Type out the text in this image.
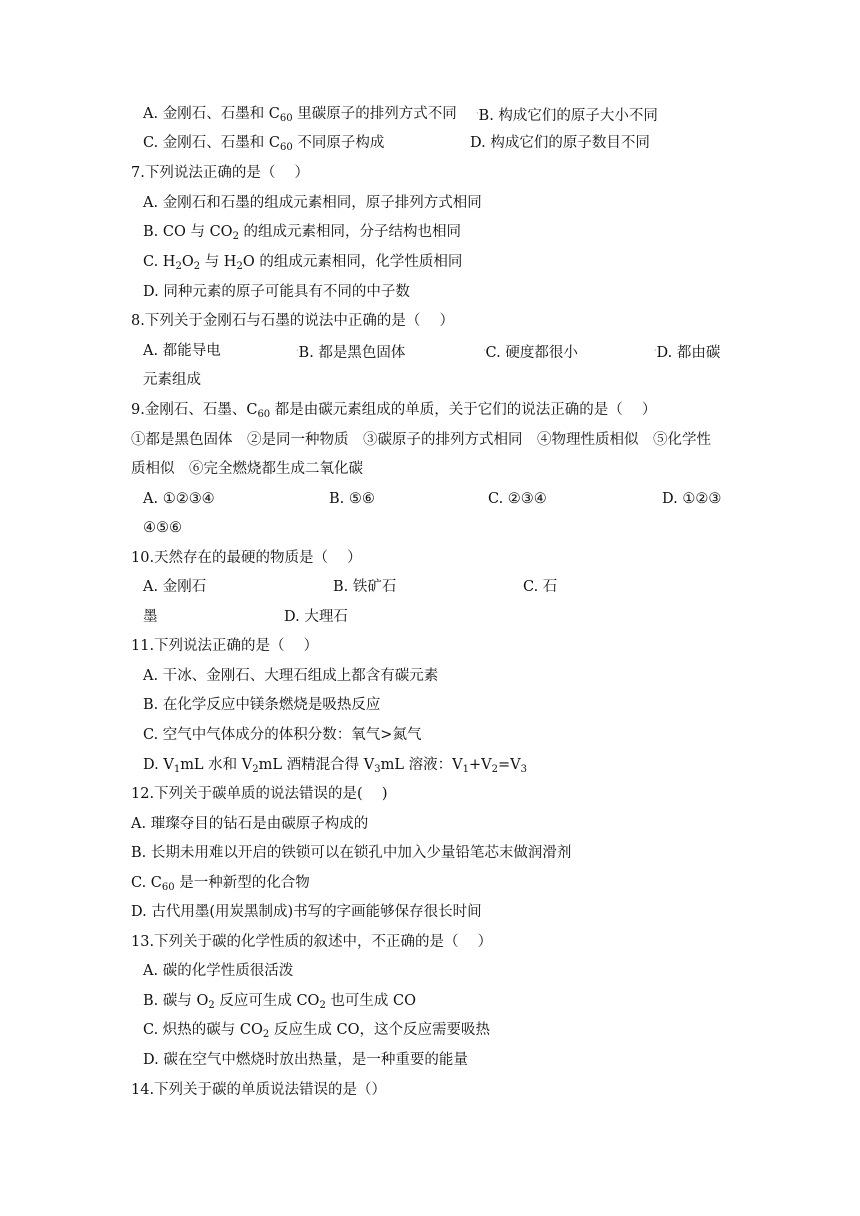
A. 金刚石、石墨和 $C_{60}$ 里碳原子的排列方式不同 ·B. 构成它们的原子大小不同
C. 金刚石、石墨和 $C_{60}$ 不同原子构成	D. 构成它们的原子数目不同
7.下列说法正确的是（　 ）
A. 金刚石和石墨的组成元素相同，原子排列方式相同
B. CO 与 $CO_2$ 的组成元素相同，分子结构也相同
C. $H_2O_2$ 与 $H_2O$ 的组成元素相同，化学性质相同
D. 同种元素的原子可能具有不同的中子数
8.下列关于金刚石与石墨的说法中正确的是（　 ）
A. 都能导电	·B. 都是黑色固体	·C. 硬度都很小	·D. 都由碳
元素组成
9.金刚石、石墨、$C_{60}$ 都是由碳元素组成的单质，关于它们的说法正确的是（　 ）
①都是黑色固体　②是同一种物质　③碳原子的排列方式相同　④物理性质相似　⑤化学性
质相似　⑥完全燃烧都生成二氧化碳
A. ①②③④	B. ⑤⑥	C. ②③④	D. ①②③
④⑤⑥
10.天然存在的最硬的物质是（　 ）
A. 金刚石	B. 铁矿石	C. 石
墨	D. 大理石
11.下列说法正确的是（　 ）
A. 干冰、金刚石、大理石组成上都含有碳元素
B. 在化学反应中镁条燃烧是吸热反应
C. 空气中气体成分的体积分数：氧气>氮气
D. $V_1mL$ 水和 $V_2mL$ 酒精混合得 $V_3mL$ 溶液：$V_1+V_2=V_3$
12.下列关于碳单质的说法错误的是(　 )
A. 璀璨夺目的钻石是由碳原子构成的
B. 长期未用难以开启的铁锁可以在锁孔中加入少量铅笔芯末做润滑剂
C. $C_{60}$ 是一种新型的化合物
D. 古代用墨(用炭黑制成)书写的字画能够保存很长时间
13.下列关于碳的化学性质的叙述中，不正确的是（　 ）
A. 碳的化学性质很活泼
B. 碳与 $O_2$ 反应可生成 $CO_2$ 也可生成 CO
C. 炽热的碳与 $CO_2$ 反应生成 CO，这个反应需要吸热
D. 碳在空气中燃烧时放出热量，是一种重要的能量
14.下列关于碳的单质说法错误的是（）
